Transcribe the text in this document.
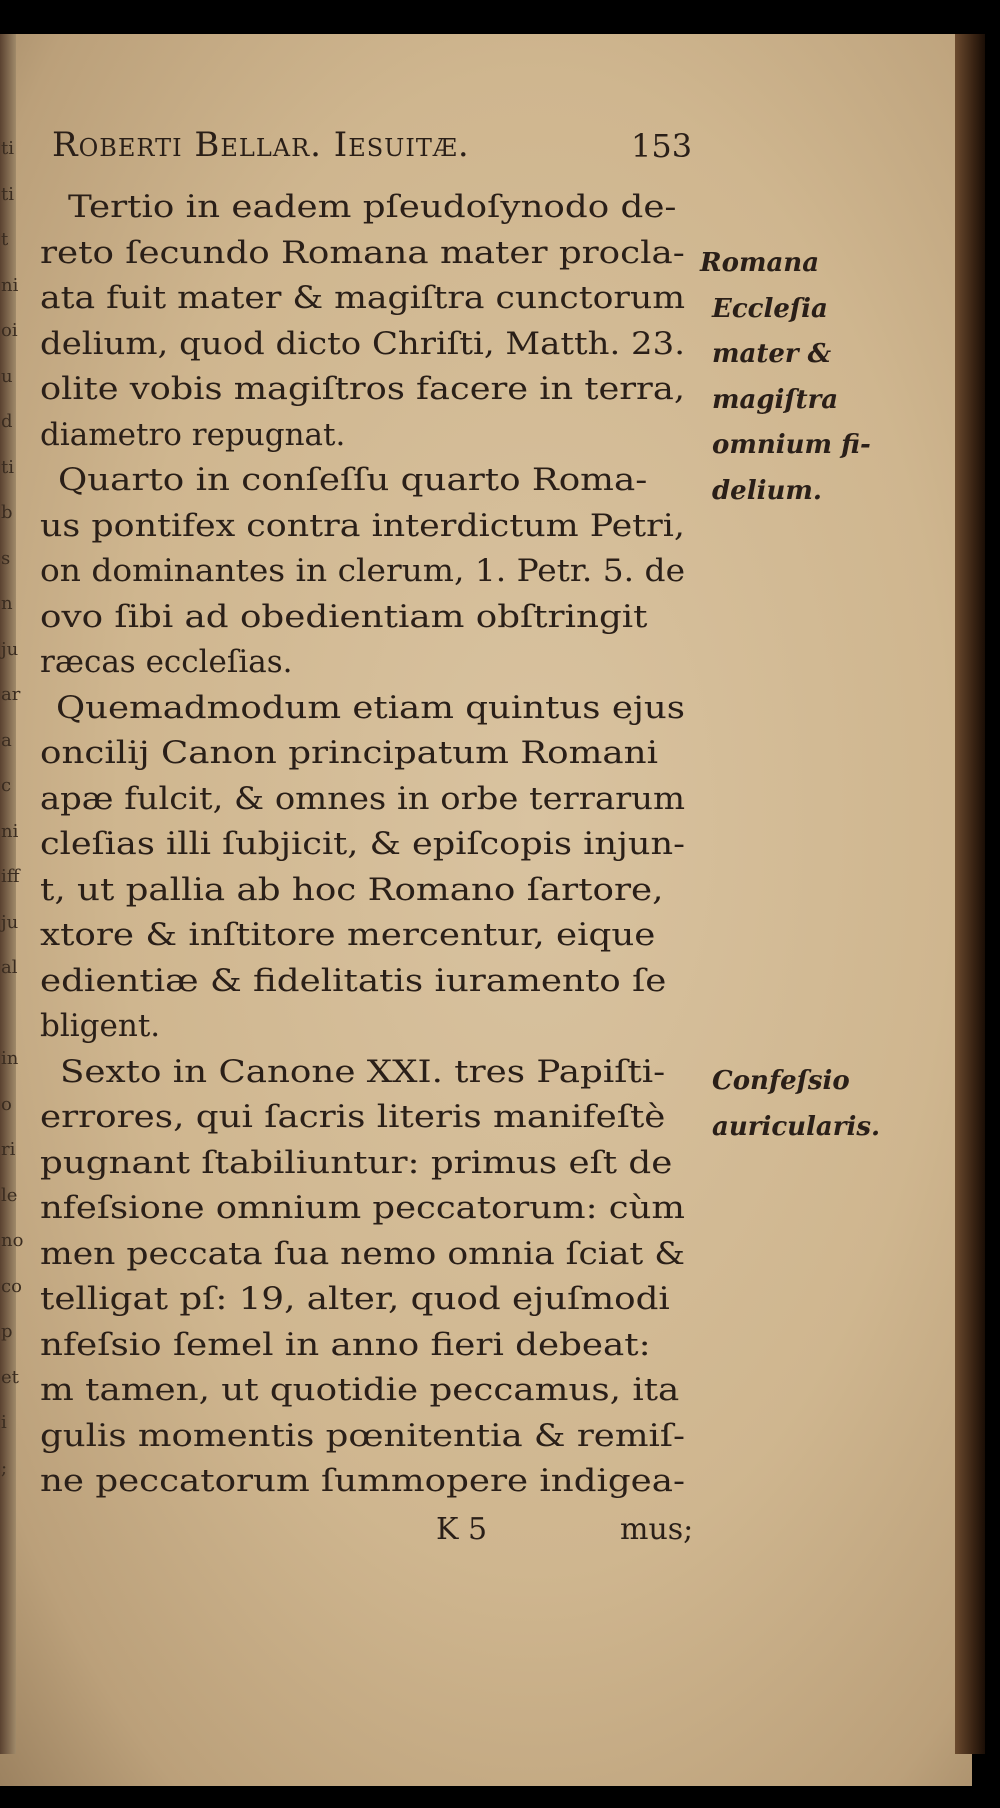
Roberti Bellar. Iesuitæ.	153
Tertio in eadem pſeudoſynodo de-
reto ſecundo Romana mater procla-
ata fuit mater & magiſtra cunctorum
delium, quod dicto Chriſti, Matth. 23.
olite vobis magiſtros facere in terra,
diametro repugnat.
Quarto in conſeſſu quarto Roma-
us pontifex contra interdictum Petri,
on dominantes in clerum, 1. Petr. 5. de
ovo ſibi ad obedientiam obſtringit
ræcas eccleſias.
Quemadmodum etiam quintus ejus
oncilij Canon principatum Romani
apæ fulcit, & omnes in orbe terrarum
cleſias illi ſubjicit, & epiſcopis injun-
t, ut pallia ab hoc Romano ſartore,
xtore & inſtitore mercentur, eique
edientiæ & fidelitatis iuramento ſe
bligent.
Sexto in Canone XXI. tres Papiſti-
errores, qui ſacris literis manifeſtè
pugnant ſtabiliuntur: primus eſt de
nfeſsione omnium peccatorum: cùm
men peccata ſua nemo omnia ſciat &
telligat pſ: 19, alter, quod ejuſmodi
nfeſsio ſemel in anno fieri debeat:
m tamen, ut quotidie peccamus, ita
gulis momentis pœnitentia & remiſ-
ne peccatorum ſummopere indigea-
ti
ti
t
ni
oi
u
d
ti
b
s
n
ju
ar
a
c
ni
iff
ju
al
in
o
ri
le
no
co
p
et
i
;
Romana
Eccleſia
mater &
magiſtra
omnium fi-
delium.
Confeſsio
auricularis.
K 5	mus;
